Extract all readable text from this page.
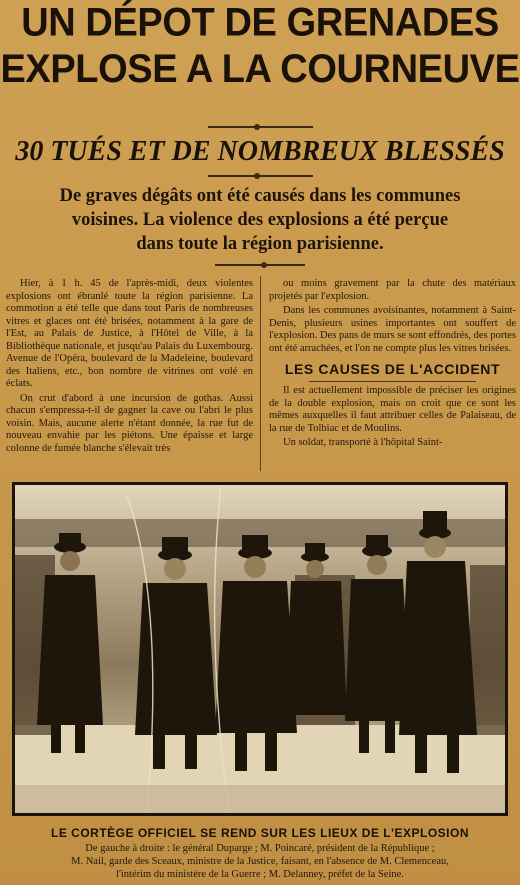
UN DÉPOT DE GRENADES
EXPLOSE A LA COURNEUVE
30 TUÉS ET DE NOMBREUX BLESSÉS
De graves dégâts ont été causés dans les communes
voisines. La violence des explosions a été perçue
dans toute la région parisienne.

Hier, à 1 h. 45 de l'après-midi, deux violentes explosions ont ébranlé toute la région parisienne. La commotion a été telle que dans tout Paris de nombreuses vitres et glaces ont été brisées, notamment à la gare de l'Est, au Palais de Justice, à l'Hôtel de Ville, à la Bibliothèque nationale, et jusqu'au Palais du Luxembourg. Avenue de l'Opéra, boulevard de la Madeleine, boulevard des Italiens, etc., bon nombre de vitrines ont volé en éclats.

On crut d'abord à une incursion de gothas. Aussi chacun s'empressa-t-il de gagner la cave ou l'abri le plus voisin. Mais, aucune alerte n'étant donnée, la rue fut de nouveau envahie par les piétons. Une épaisse et large colonne de fumée blanche s'élevait très

ou moins gravement par la chute des matériaux projetés par l'explosion.

Dans les communes avoisinantes, notamment à Saint-Denis, plusieurs usines importantes ont souffert de l'explosion. Des pans de murs se sont effondrés, des portes ont été arrachées, et l'on ne compte plus les vitres brisées.

LES CAUSES DE L'ACCIDENT

Il est actuellement impossible de préciser les origines de la double explosion, mais on croit que ce sont les mêmes auxquelles il faut attribuer celles de Palaiseau, de la rue de Tolbiac et de Moulins.

Un soldat, transporté à l'hôpital Saint-

LE CORTÈGE OFFICIEL SE REND SUR LES LIEUX DE L'EXPLOSION
De gauche à droite : le général Duparge ; M. Poincaré, président de la République ;
M. Nail, garde des Sceaux, ministre de la Justice, faisant, en l'absence de M. Clemenceau,
l'intérim du ministère de la Guerre ; M. Delanney, préfet de la Seine.
